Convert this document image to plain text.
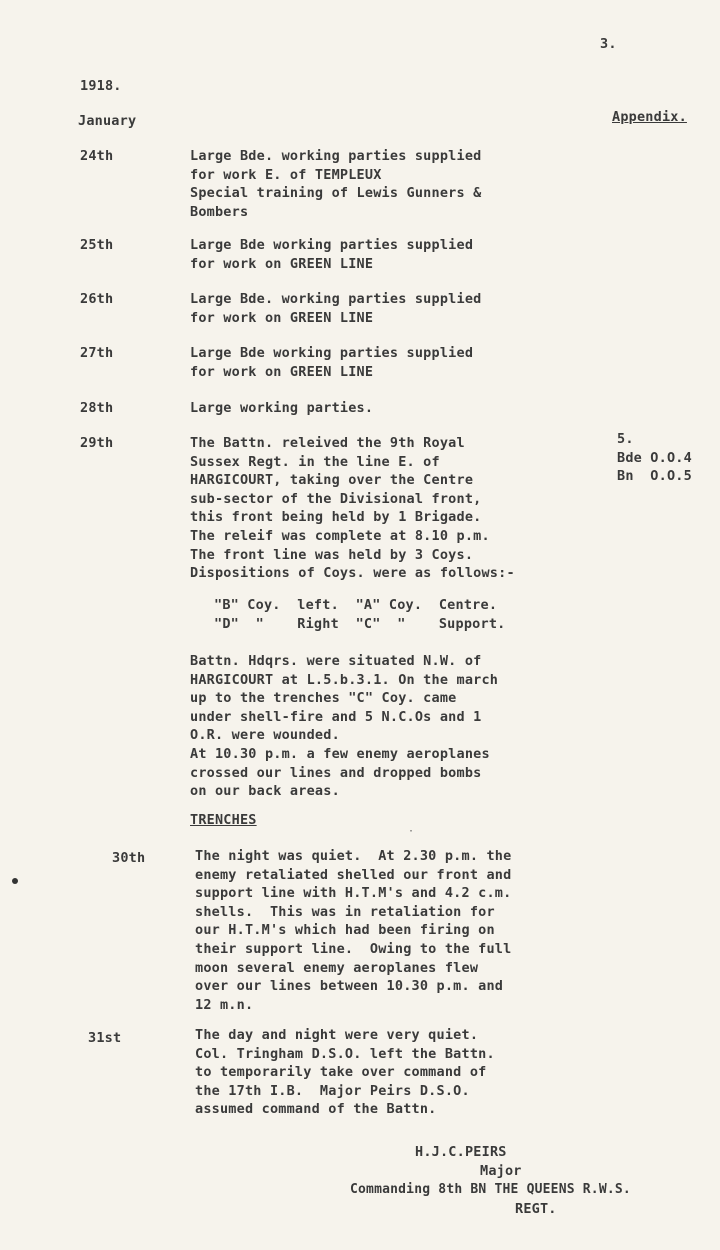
3.
1918.
January	Appendix.
24th	Large Bde. working parties supplied
for work E. of TEMPLEUX
Special training of Lewis Gunners &
Bombers
25th	Large Bde working parties supplied
for work on GREEN LINE
26th	Large Bde. working parties supplied
for work on GREEN LINE
27th	Large Bde working parties supplied
for work on GREEN LINE
28th	Large working parties.
29th	The Battn. releived the 9th Royal
Sussex Regt. in the line E. of
HARGICOURT, taking over the Centre
sub-sector of the Divisional front,
this front being held by 1 Brigade.
The releif was complete at 8.10 p.m.
The front line was held by 3 Coys.
Dispositions of Coys. were as follows:-
5.
Bde O.O.4
Bn  O.O.5
"B" Coy.  left.  "A" Coy.  Centre.
"D"  "    Right  "C"  "    Support.
Battn. Hdqrs. were situated N.W. of
HARGICOURT at L.5.b.3.1. On the march
up to the trenches "C" Coy. came
under shell-fire and 5 N.C.Os and 1
O.R. were wounded.
At 10.30 p.m. a few enemy aeroplanes
crossed our lines and dropped bombs
on our back areas.
TRENCHES
·
30th	The night was quiet.  At 2.30 p.m. the
enemy retaliated shelled our front and
support line with H.T.M's and 4.2 c.m.
shells.  This was in retaliation for
our H.T.M's which had been firing on
their support line.  Owing to the full
moon several enemy aeroplanes flew
over our lines between 10.30 p.m. and
12 m.n.
31st	The day and night were very quiet.
Col. Tringham D.S.O. left the Battn.
to temporarily take over command of
the 17th I.B.  Major Peirs D.S.O.
assumed command of the Battn.
H.J.C.PEIRS
Major
Commanding 8th BN THE QUEENS R.W.S.
REGT.
